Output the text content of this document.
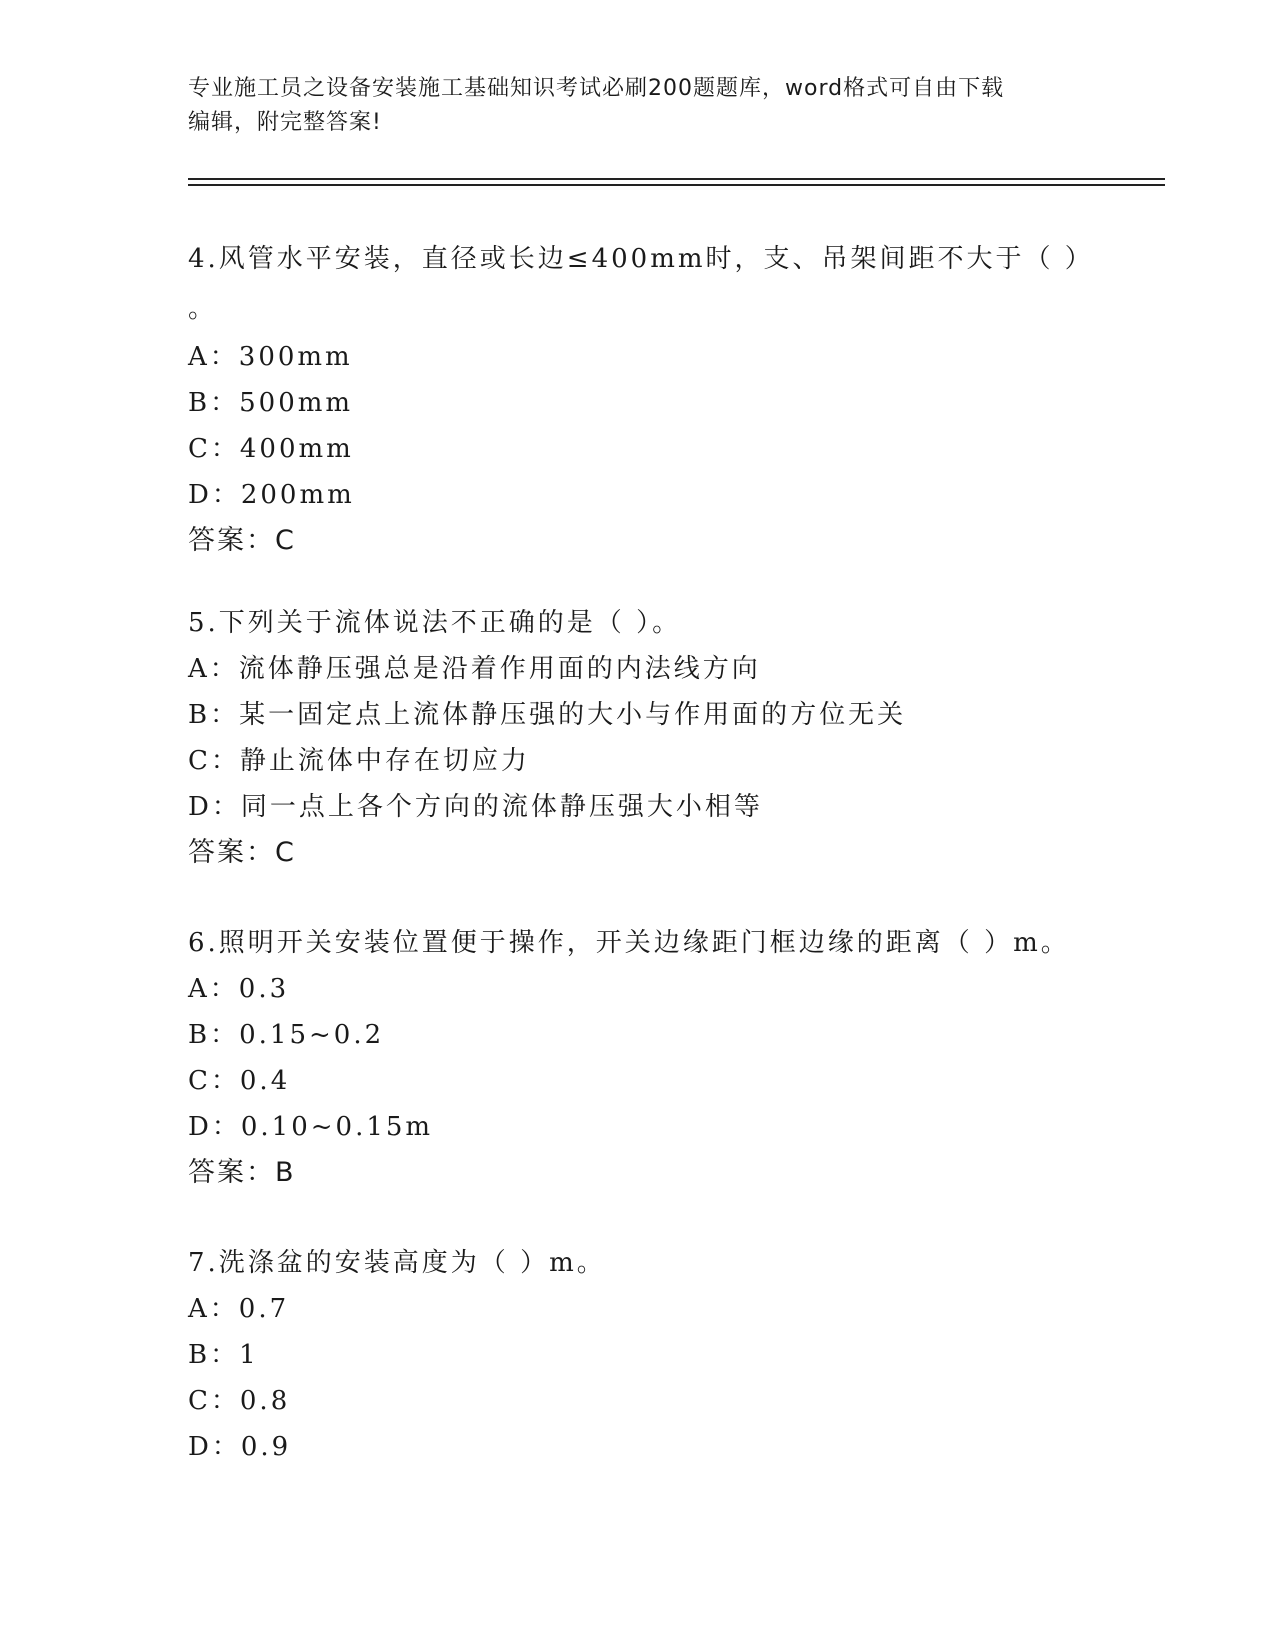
专业施工员之设备安装施工基础知识考试必刷200题题库，word格式可自由下载
编辑，附完整答案!
4.风管水平安装，直径或长边≤400mm时，支、吊架间距不大于（ ）
。
A：300mm
B：500mm
C：400mm
D：200mm
答案：C
5.下列关于流体说法不正确的是（ ）。
A：流体静压强总是沿着作用面的内法线方向
B：某一固定点上流体静压强的大小与作用面的方位无关
C：静止流体中存在切应力
D：同一点上各个方向的流体静压强大小相等
答案：C
6.照明开关安装位置便于操作，开关边缘距门框边缘的距离（ ）m。
A：0.3
B：0.15~0.2
C：0.4
D：0.10~0.15m
答案：B
7.洗涤盆的安装高度为（ ）m。
A：0.7
B：1
C：0.8
D：0.9
